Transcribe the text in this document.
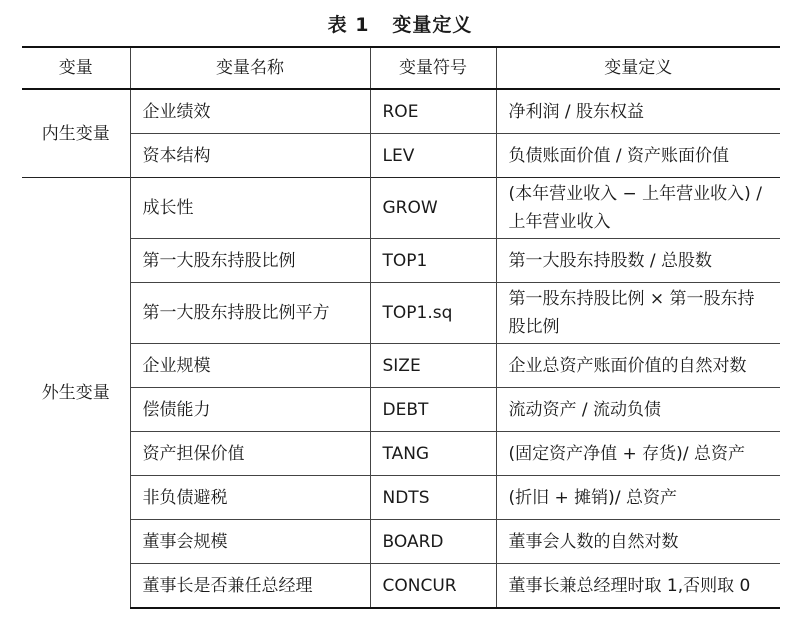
表 1   变量定义
变量	变量名称	变量符号	变量定义
内生变量	企业绩效	ROE	净利润 / 股东权益
	资本结构	LEV	负债账面价值 / 资产账面价值
外生变量	成长性	GROW	(本年营业收入 − 上年营业收入) / 上年营业收入
	第一大股东持股比例	TOP1	第一大股东持股数 / 总股数
	第一大股东持股比例平方	TOP1.sq	第一股东持股比例 × 第一股东持股比例
	企业规模	SIZE	企业总资产账面价值的自然对数
	偿债能力	DEBT	流动资产 / 流动负债
	资产担保价值	TANG	(固定资产净值 + 存货)/ 总资产
	非负债避税	NDTS	(折旧 + 摊销)/ 总资产
	董事会规模	BOARD	董事会人数的自然对数
	董事长是否兼任总经理	CONCUR	董事长兼总经理时取 1,否则取 0
